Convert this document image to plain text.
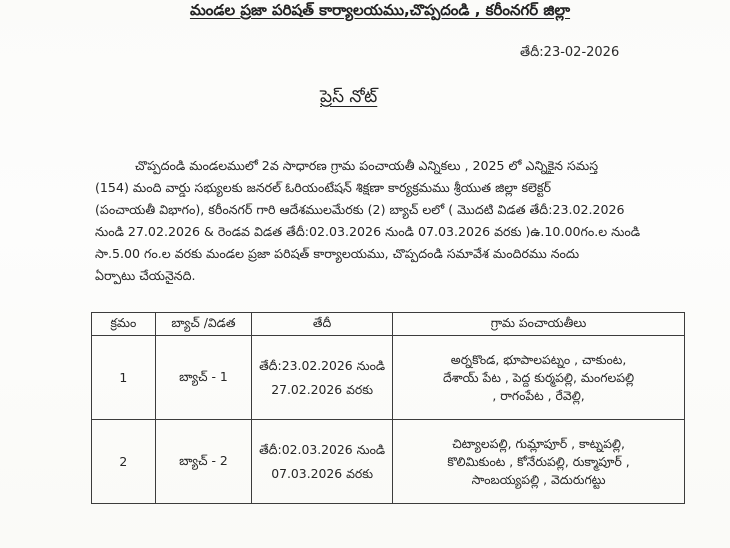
మండల ప్రజా పరిషత్ కార్యాలయము,చొప్పదండి , కరీంనగర్ జిల్లా
తేదీ:23-02-2026
ప్రెస్ నోట్
చొప్పదండి మండలములో 2వ సాధారణ గ్రామ పంచాయతీ ఎన్నికలు , 2025 లో ఎన్నికైన సమస్త
(154) మంది వార్డు సభ్యులకు జనరల్ ఓరియంటేషన్ శిక్షణా కార్యక్రమము శ్రీయుత జిల్లా కలెక్టర్
(పంచాయతీ విభాగం), కరీంనగర్ గారి ఆదేశములమేరకు (2) బ్యాచ్ లలో ( మొదటి విడత తేదీ:23.02.2026
నుండి 27.02.2026 & రెండవ విడత తేదీ:02.03.2026 నుండి 07.03.2026 వరకు )ఉ.10.00గం.ల నుండి
సా.5.00 గం.ల వరకు మండల ప్రజా పరిషత్ కార్యాలయము, చొప్పదండి సమావేశ మందిరము నందు
ఏర్పాటు చేయనైనది.
క్రమం	బ్యాచ్ /విడత	తేదీ	గ్రామ పంచాయతీలు
1	బ్యాచ్ - 1	తేదీ:23.02.2026 నుండి
27.02.2026 వరకు	అర్నకొండ, భూపాలపట్నం , చాకుంట,
దేశాయ్ పేట , పెద్ద కుర్మపల్లి, మంగలపల్లి
, రాగంపేట , రేవెల్లి,

2	బ్యాచ్ - 2	తేదీ:02.03.2026 నుండి
07.03.2026 వరకు	చిట్యాలపల్లి, గుమ్లాపూర్ , కాట్నపల్లి,
కొలిమికుంట , కోనేరుపల్లి, రుక్మాపూర్ ,
సాంబయ్యపల్లి , వెదురుగట్టు
